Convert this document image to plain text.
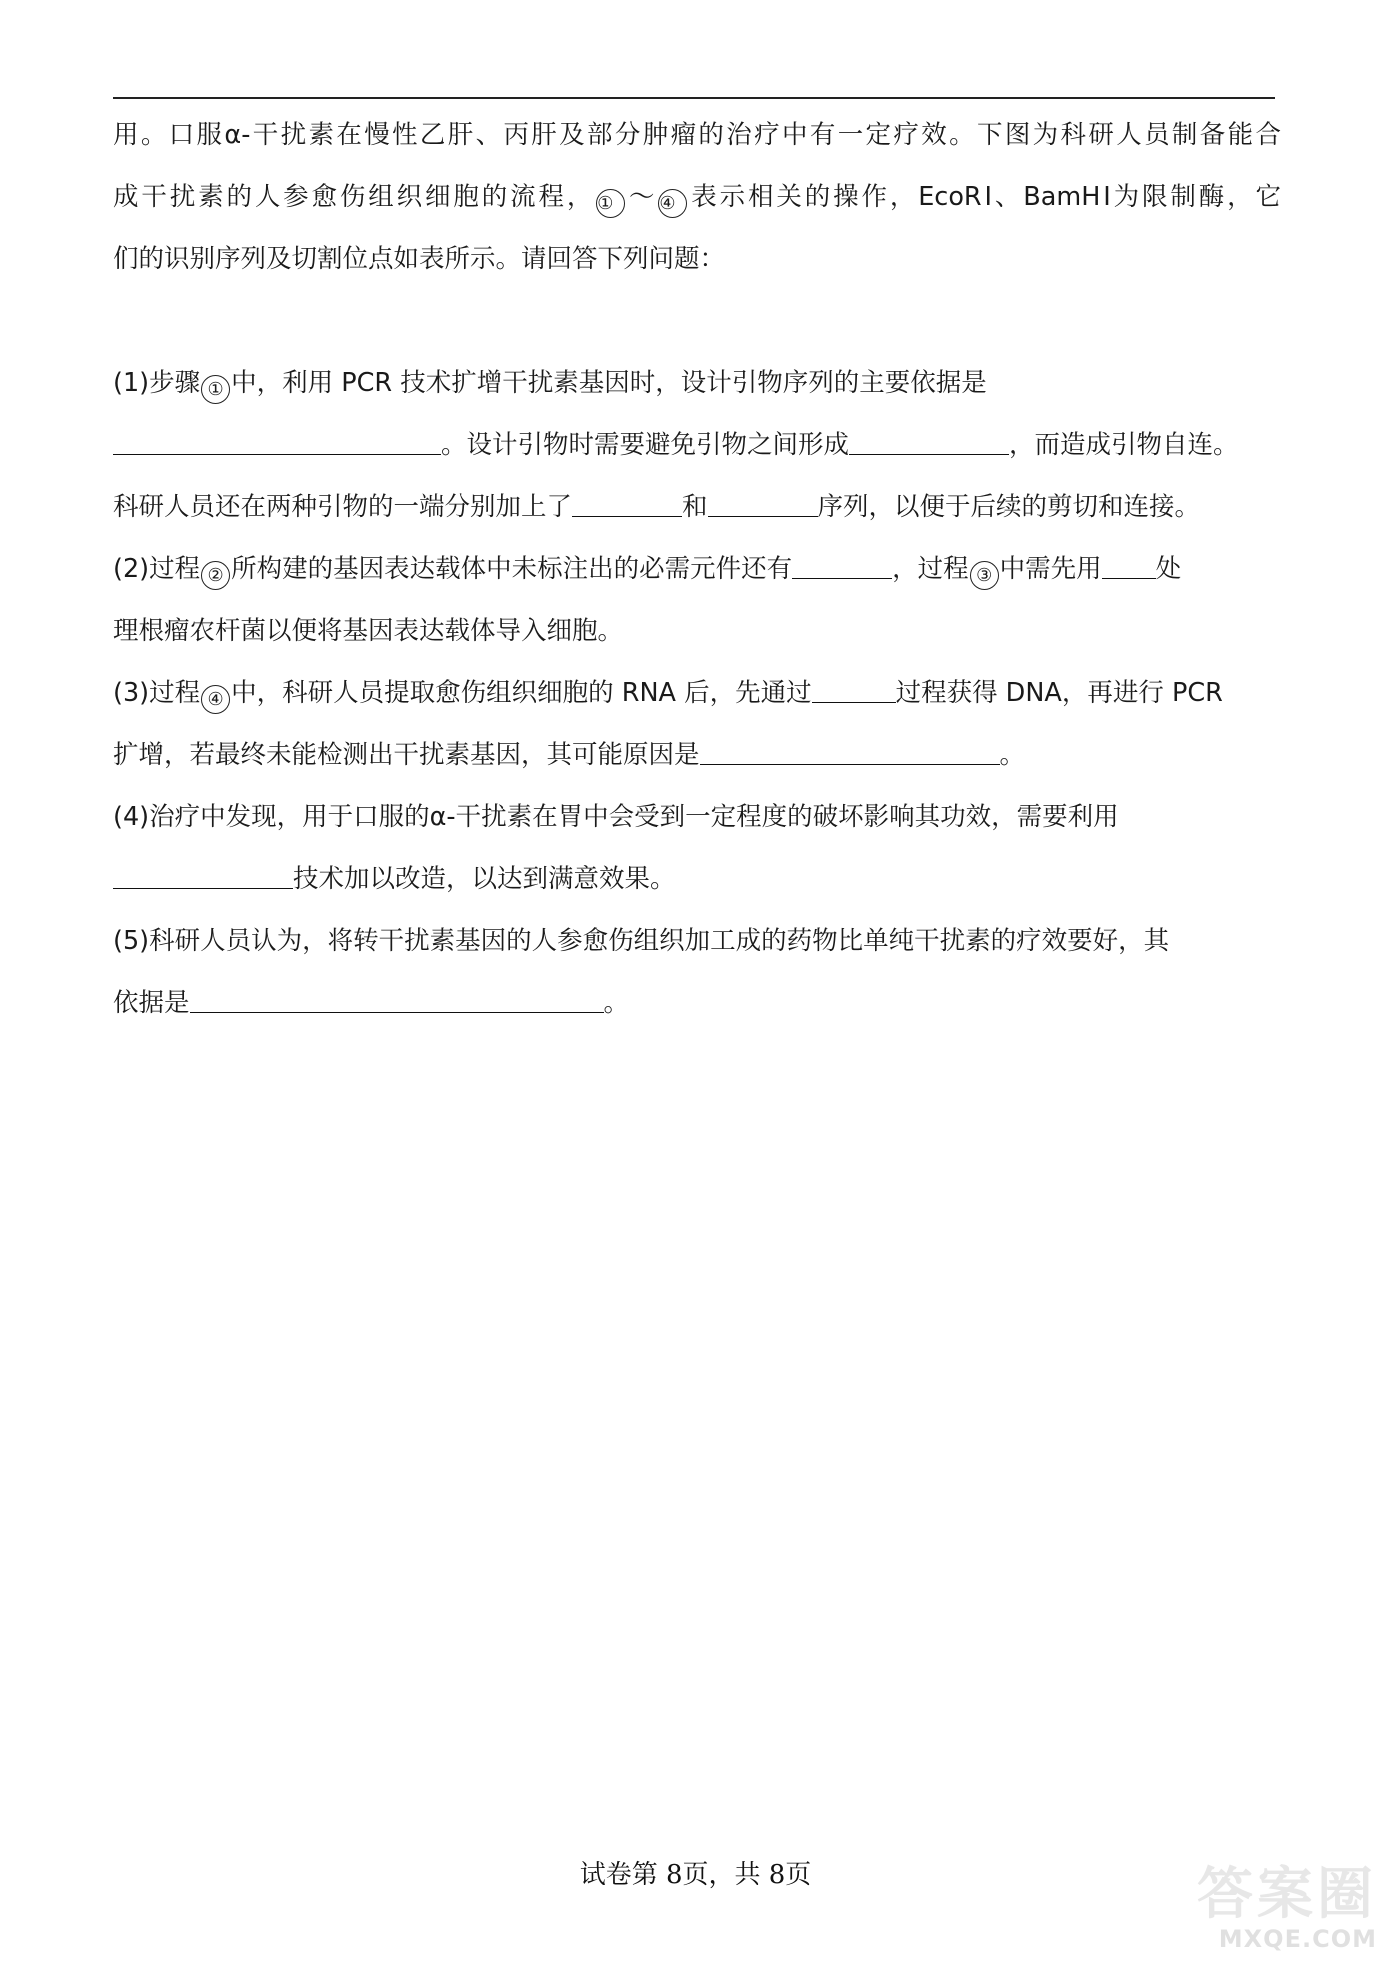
用。口服α-干扰素在慢性乙肝、丙肝及部分肿瘤的治疗中有一定疗效。下图为科研人员制备能合
成干扰素的人参愈伤组织细胞的流程， ① ～ ④ 表示相关的操作，EcoRⅠ、BamHⅠ为限制酶，它
们的识别序列及切割位点如表所示。请回答下列问题：
(1)步骤 ① 中，利用 PCR 技术扩增干扰素基因时，设计引物序列的主要依据是
。设计引物时需要避免引物之间形成	，而造成引物自连。
科研人员还在两种引物的一端分别加上了	和	序列，以便于后续的剪切和连接。
(2)过程 ② 所构建的基因表达载体中未标注出的必需元件还有	，过程 ③ 中需先用 处
理根瘤农杆菌以便将基因表达载体导入细胞。
(3)过程 ④ 中，科研人员提取愈伤组织细胞的 RNA 后，先通过	过程获得 DNA，再进行 PCR
扩增，若最终未能检测出干扰素基因，其可能原因是	。
(4)治疗中发现，用于口服的α-干扰素在胃中会受到一定程度的破坏影响其功效，需要利用
技术加以改造，以达到满意效果。
(5)科研人员认为，将转干扰素基因的人参愈伤组织加工成的药物比单纯干扰素的疗效要好，其
依据是	。
试卷第 8页，共 8页	答案圈
MXQE.COM
